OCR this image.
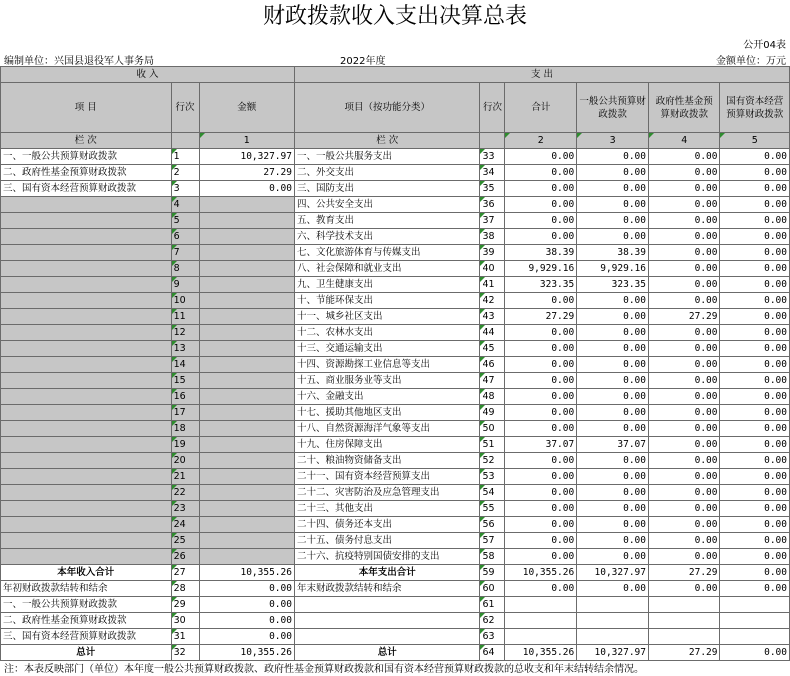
财政拨款收入支出决算总表
公开04表
编制单位：兴国县退役军人事务局	2022年度	金额单位：万元
收 入			支 出					
项 目	行次	金额	项目（按功能分类）	行次	合计	一般公共预算财政拨款	政府性基金预算财政拨款	国有资本经营预算财政拨款
栏 次		1	栏 次		2	3	4	5
一、一般公共预算财政拨款	1	10,327.97	一、一般公共服务支出	33	0.00	0.00	0.00	0.00
二、政府性基金预算财政拨款	2	27.29	二、外交支出	34	0.00	0.00	0.00	0.00
三、国有资本经营预算财政拨款	3	0.00	三、国防支出	35	0.00	0.00	0.00	0.00
	4		四、公共安全支出	36	0.00	0.00	0.00	0.00
	5		五、教育支出	37	0.00	0.00	0.00	0.00
	6		六、科学技术支出	38	0.00	0.00	0.00	0.00
	7		七、文化旅游体育与传媒支出	39	38.39	38.39	0.00	0.00
	8		八、社会保障和就业支出	40	9,929.16	9,929.16	0.00	0.00
	9		九、卫生健康支出	41	323.35	323.35	0.00	0.00
	10		十、节能环保支出	42	0.00	0.00	0.00	0.00
	11		十一、城乡社区支出	43	27.29	0.00	27.29	0.00
	12		十二、农林水支出	44	0.00	0.00	0.00	0.00
	13		十三、交通运输支出	45	0.00	0.00	0.00	0.00
	14		十四、资源勘探工业信息等支出	46	0.00	0.00	0.00	0.00
	15		十五、商业服务业等支出	47	0.00	0.00	0.00	0.00
	16		十六、金融支出	48	0.00	0.00	0.00	0.00
	17		十七、援助其他地区支出	49	0.00	0.00	0.00	0.00
	18		十八、自然资源海洋气象等支出	50	0.00	0.00	0.00	0.00
	19		十九、住房保障支出	51	37.07	37.07	0.00	0.00
	20		二十、粮油物资储备支出	52	0.00	0.00	0.00	0.00
	21		二十一、国有资本经营预算支出	53	0.00	0.00	0.00	0.00
	22		二十二、灾害防治及应急管理支出	54	0.00	0.00	0.00	0.00
	23		二十三、其他支出	55	0.00	0.00	0.00	0.00
	24		二十四、债务还本支出	56	0.00	0.00	0.00	0.00
	25		二十五、债务付息支出	57	0.00	0.00	0.00	0.00
	26		二十六、抗疫特别国债安排的支出	58	0.00	0.00	0.00	0.00
本年收入合计	27	10,355.26	本年支出合计	59	10,355.26	10,327.97	27.29	0.00
年初财政拨款结转和结余	28	0.00	年末财政拨款结转和结余	60	0.00	0.00	0.00	0.00
一、一般公共预算财政拨款	29	0.00		61				
二、政府性基金预算财政拨款	30	0.00		62				
三、国有资本经营预算财政拨款	31	0.00		63				
总计	32	10,355.26	总计	64	10,355.26	10,327.97	27.29	0.00
注：本表反映部门（单位）本年度一般公共预算财政拨款、政府性基金预算财政拨款和国有资本经营预算财政拨款的总收支和年末结转结余情况。
